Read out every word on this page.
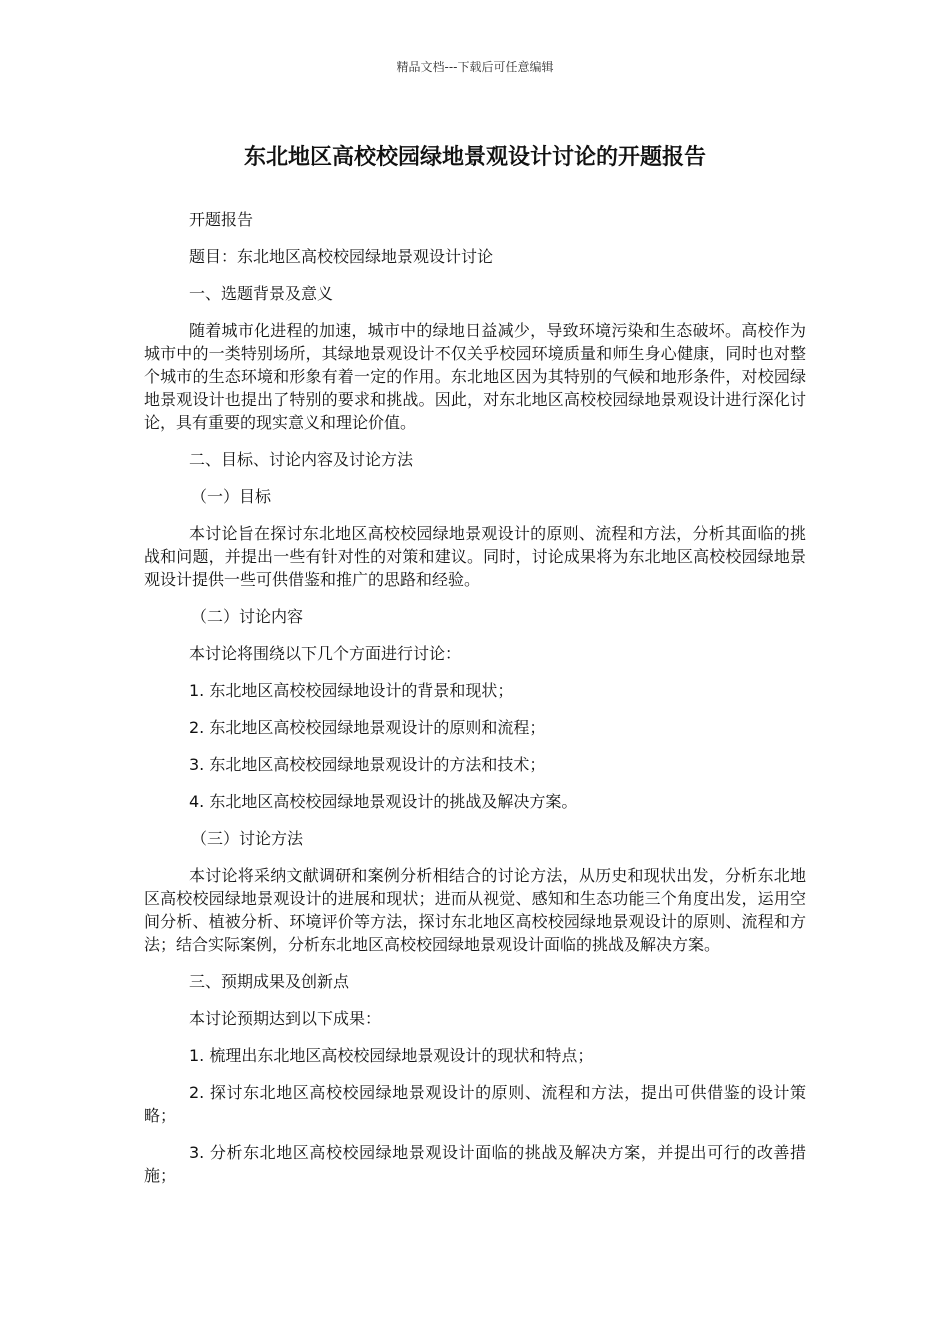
精品文档---下载后可任意编辑
东北地区高校校园绿地景观设计讨论的开题报告

开题报告

题目：东北地区高校校园绿地景观设计讨论

一、选题背景及意义

随着城市化进程的加速，城市中的绿地日益减少，导致环境污染和生态破坏。高校作为城市中的一类特别场所，其绿地景观设计不仅关乎校园环境质量和师生身心健康，同时也对整个城市的生态环境和形象有着一定的作用。东北地区因为其特别的气候和地形条件，对校园绿地景观设计也提出了特别的要求和挑战。因此，对东北地区高校校园绿地景观设计进行深化讨论，具有重要的现实意义和理论价值。

二、目标、讨论内容及讨论方法

（一）目标

本讨论旨在探讨东北地区高校校园绿地景观设计的原则、流程和方法，分析其面临的挑战和问题，并提出一些有针对性的对策和建议。同时，讨论成果将为东北地区高校校园绿地景观设计提供一些可供借鉴和推广的思路和经验。

（二）讨论内容

本讨论将围绕以下几个方面进行讨论：

1. 东北地区高校校园绿地设计的背景和现状；

2. 东北地区高校校园绿地景观设计的原则和流程；

3. 东北地区高校校园绿地景观设计的方法和技术；

4. 东北地区高校校园绿地景观设计的挑战及解决方案。

（三）讨论方法

本讨论将采纳文献调研和案例分析相结合的讨论方法，从历史和现状出发，分析东北地区高校校园绿地景观设计的进展和现状；进而从视觉、感知和生态功能三个角度出发，运用空间分析、植被分析、环境评价等方法，探讨东北地区高校校园绿地景观设计的原则、流程和方法；结合实际案例，分析东北地区高校校园绿地景观设计面临的挑战及解决方案。

三、预期成果及创新点

本讨论预期达到以下成果：

1. 梳理出东北地区高校校园绿地景观设计的现状和特点；

2. 探讨东北地区高校校园绿地景观设计的原则、流程和方法，提出可供借鉴的设计策略；

3. 分析东北地区高校校园绿地景观设计面临的挑战及解决方案，并提出可行的改善措施；
